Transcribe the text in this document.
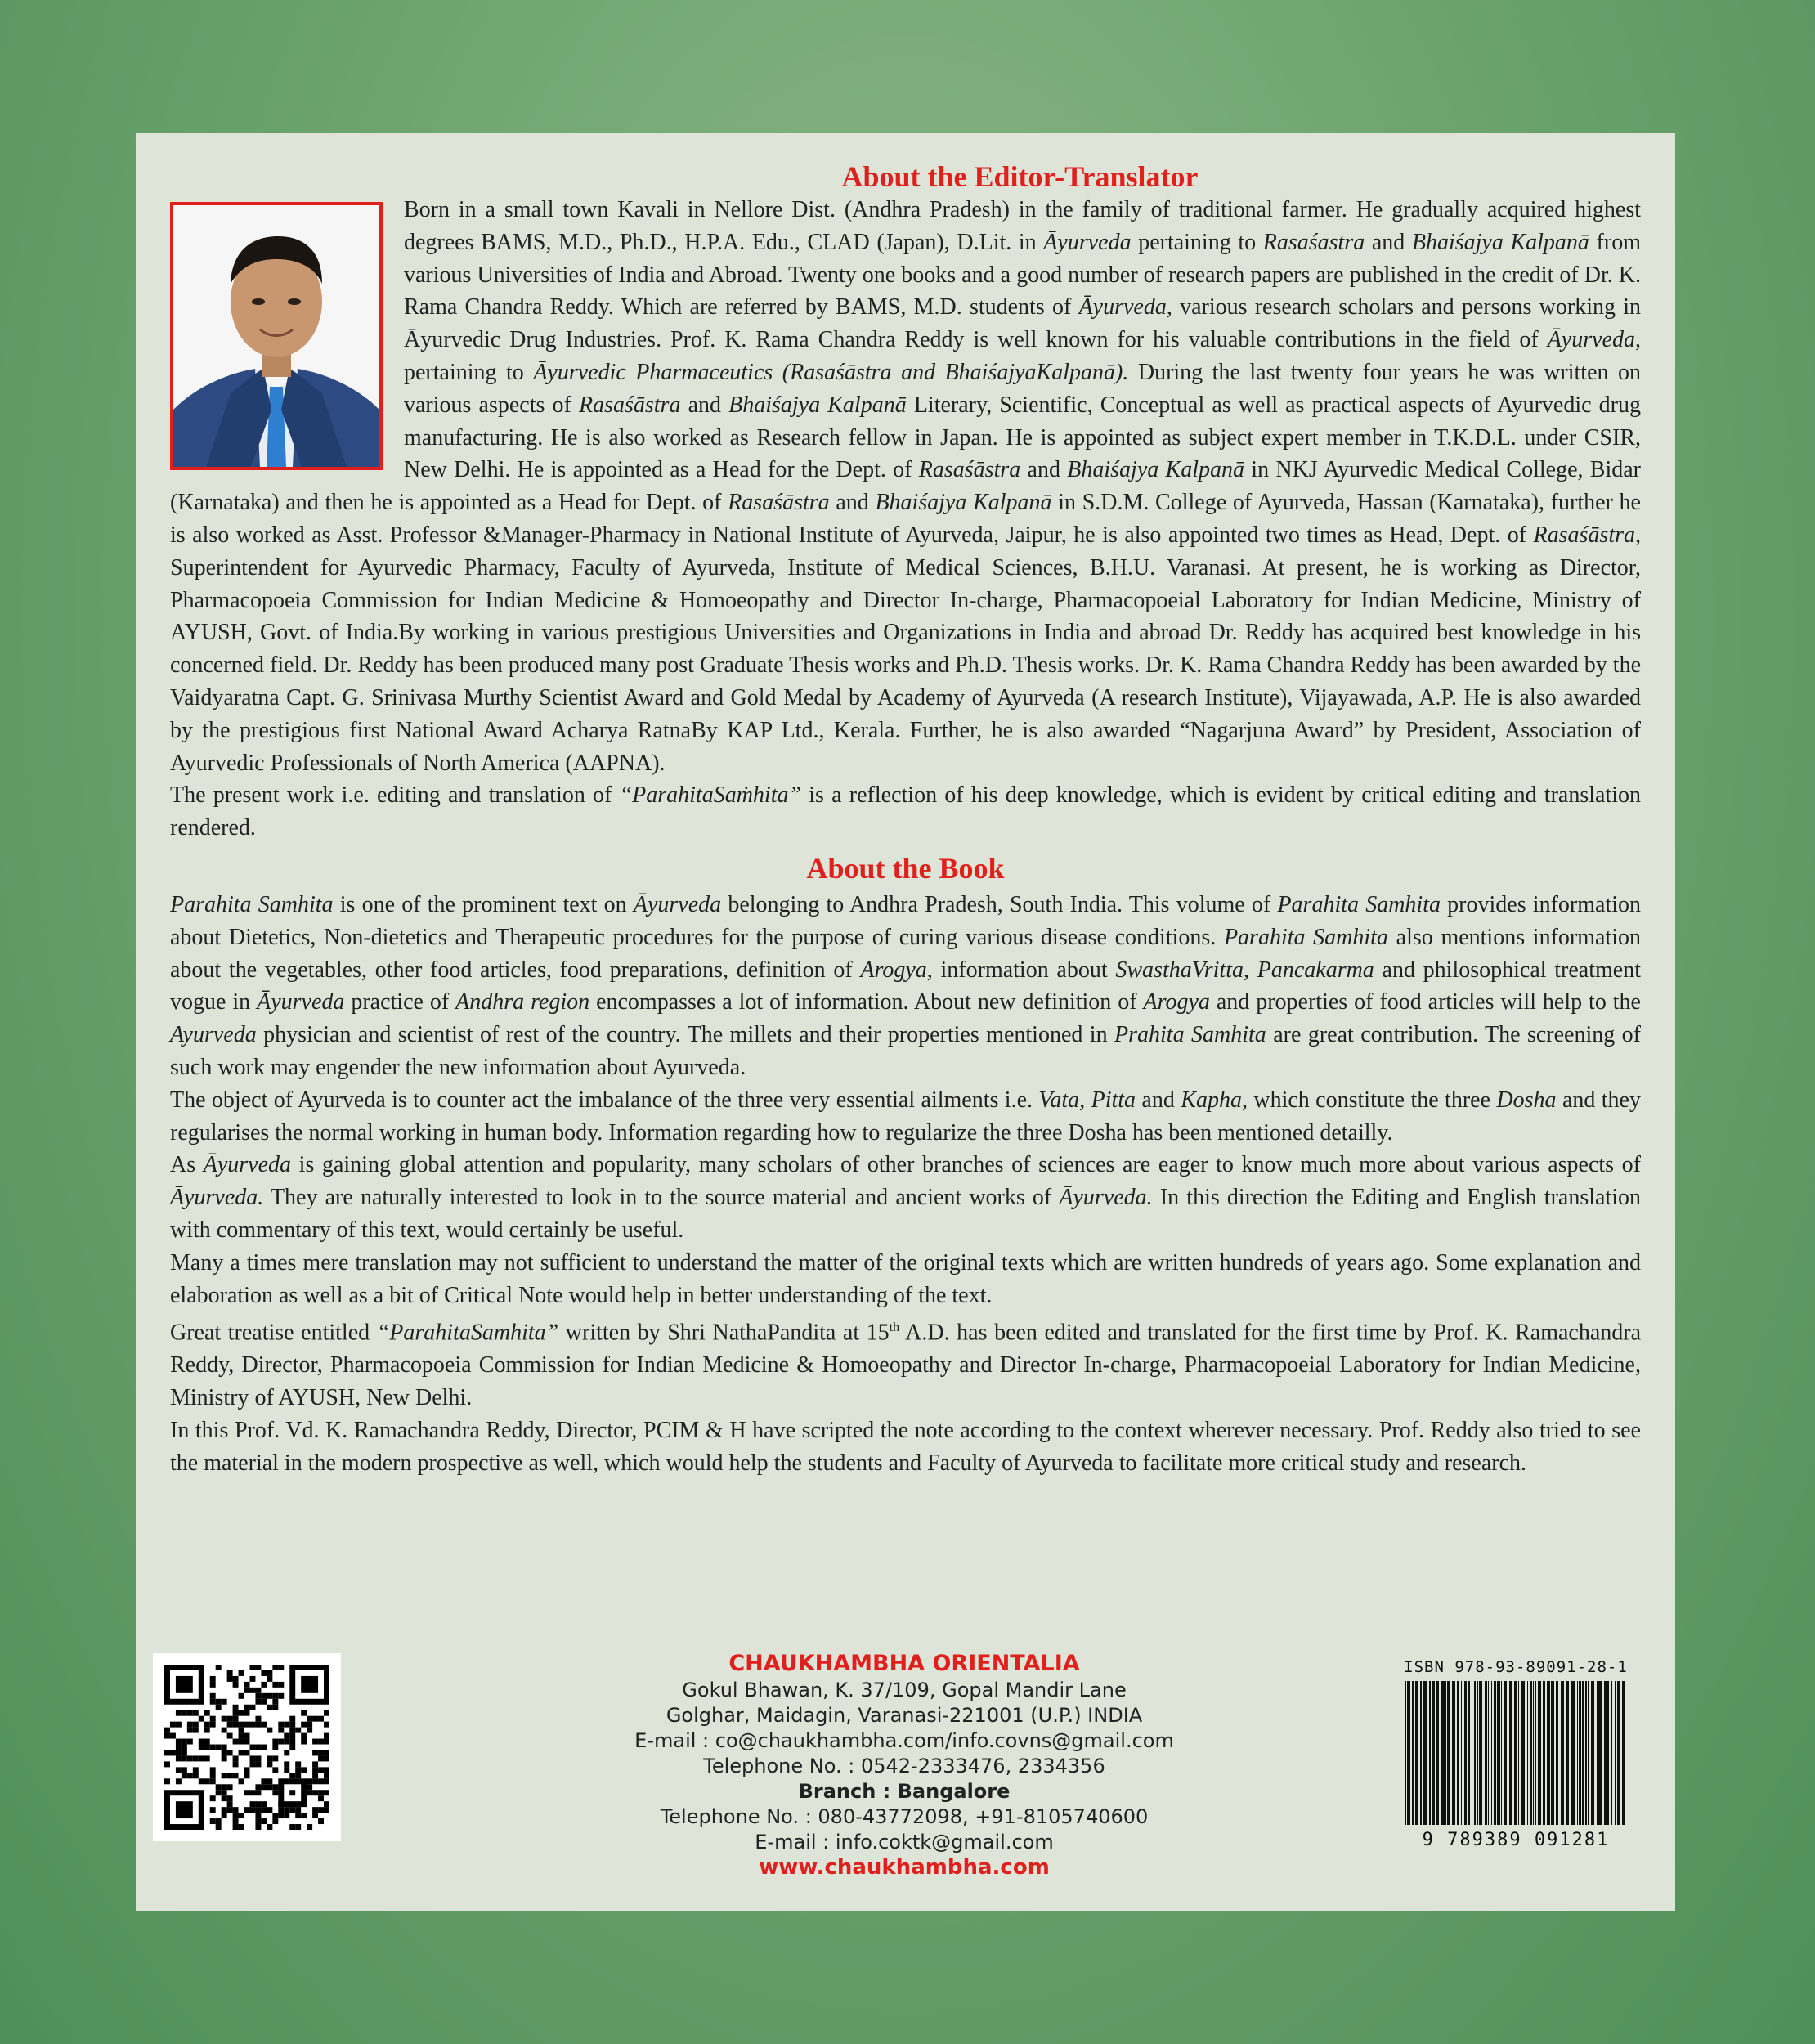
About the Editor-Translator

Born in a small town Kavali in Nellore Dist. (Andhra Pradesh) in the family of traditional farmer. He gradually acquired highest degrees BAMS, M.D., Ph.D., H.P.A. Edu., CLAD (Japan), D.Lit. in Āyurveda pertaining to Rasaśastra and Bhaiśajya Kalpanā from various Universities of India and Abroad. Twenty one books and a good number of research papers are published in the credit of Dr. K. Rama Chandra Reddy. Which are referred by BAMS, M.D. students of Āyurveda, various research scholars and persons working in Āyurvedic Drug Industries. Prof. K. Rama Chandra Reddy is well known for his valuable contributions in the field of Āyurveda, pertaining to Āyurvedic Pharmaceutics (Rasaśāstra and BhaiśajyaKalpanā). During the last twenty four years he was written on various aspects of Rasaśāstra and Bhaiśajya Kalpanā Literary, Scientific, Conceptual as well as practical aspects of Ayurvedic drug manufacturing. He is also worked as Research fellow in Japan. He is appointed as subject expert member in T.K.D.L. under CSIR, New Delhi. He is appointed as a Head for the Dept. of Rasaśāstra and Bhaiśajya Kalpanā in NKJ Ayurvedic Medical College, Bidar (Karnataka) and then he is appointed as a Head for Dept. of Rasaśāstra and Bhaiśajya Kalpanā in S.D.M. College of Ayurveda, Hassan (Karnataka), further he is also worked as Asst. Professor &Manager-Pharmacy in National Institute of Ayurveda, Jaipur, he is also appointed two times as Head, Dept. of Rasaśāstra, Superintendent for Ayurvedic Pharmacy, Faculty of Ayurveda, Institute of Medical Sciences, B.H.U. Varanasi. At present, he is working as Director, Pharmacopoeia Commission for Indian Medicine & Homoeopathy and Director In-charge, Pharmacopoeial Laboratory for Indian Medicine, Ministry of AYUSH, Govt. of India.By working in various prestigious Universities and Organizations in India and abroad Dr. Reddy has acquired best knowledge in his concerned field. Dr. Reddy has been produced many post Graduate Thesis works and Ph.D. Thesis works. Dr. K. Rama Chandra Reddy has been awarded by the Vaidyaratna Capt. G. Srinivasa Murthy Scientist Award and Gold Medal by Academy of Ayurveda (A research Institute), Vijayawada, A.P. He is also awarded by the prestigious first National Award Acharya RatnaBy KAP Ltd., Kerala. Further, he is also awarded “Nagarjuna Award” by President, Association of Ayurvedic Professionals of North America (AAPNA).

The present work i.e. editing and translation of “ParahitaSaṁhita” is a reflection of his deep knowledge, which is evident by critical editing and translation rendered.

About the Book

Parahita Samhita is one of the prominent text on Āyurveda belonging to Andhra Pradesh, South India. This volume of Parahita Samhita provides information about Dietetics, Non-dietetics and Therapeutic procedures for the purpose of curing various disease conditions. Parahita Samhita also mentions information about the vegetables, other food articles, food preparations, definition of Arogya, information about SwasthaVritta, Pancakarma and philosophical treatment vogue in Āyurveda practice of Andhra region encompasses a lot of information. About new definition of Arogya and properties of food articles will help to the Ayurveda physician and scientist of rest of the country. The millets and their properties mentioned in Prahita Samhita are great contribution. The screening of such work may engender the new information about Ayurveda.

The object of Ayurveda is to counter act the imbalance of the three very essential ailments i.e. Vata, Pitta and Kapha, which constitute the three Dosha and they regularises the normal working in human body. Information regarding how to regularize the three Dosha has been mentioned detailly.

As Āyurveda is gaining global attention and popularity, many scholars of other branches of sciences are eager to know much more about various aspects of Āyurveda. They are naturally interested to look in to the source material and ancient works of Āyurveda. In this direction the Editing and English translation with commentary of this text, would certainly be useful.

Many a times mere translation may not sufficient to understand the matter of the original texts which are written hundreds of years ago. Some explanation and elaboration as well as a bit of Critical Note would help in better understanding of the text.

Great treatise entitled “ParahitaSamhita” written by Shri NathaPandita at 15th A.D. has been edited and translated for the first time by Prof. K. Ramachandra Reddy, Director, Pharmacopoeia Commission for Indian Medicine & Homoeopathy and Director In-charge, Pharmacopoeial Laboratory for Indian Medicine, Ministry of AYUSH, New Delhi.

In this Prof. Vd. K. Ramachandra Reddy, Director, PCIM & H have scripted the note according to the context wherever necessary. Prof. Reddy also tried to see the material in the modern prospective as well, which would help the students and Faculty of Ayurveda to facilitate more critical study and research.

CHAUKHAMBHA ORIENTALIA
Gokul Bhawan, K. 37/109, Gopal Mandir Lane
Golghar, Maidagin, Varanasi-221001 (U.P.) INDIA
E-mail : co@chaukhambha.com/info.covns@gmail.com
Telephone No. : 0542-2333476, 2334356
Branch : Bangalore
Telephone No. : 080-43772098, +91-8105740600
E-mail : info.coktk@gmail.com
www.chaukhambha.com
ISBN 978-93-89091-28-1
9 789389 091281
